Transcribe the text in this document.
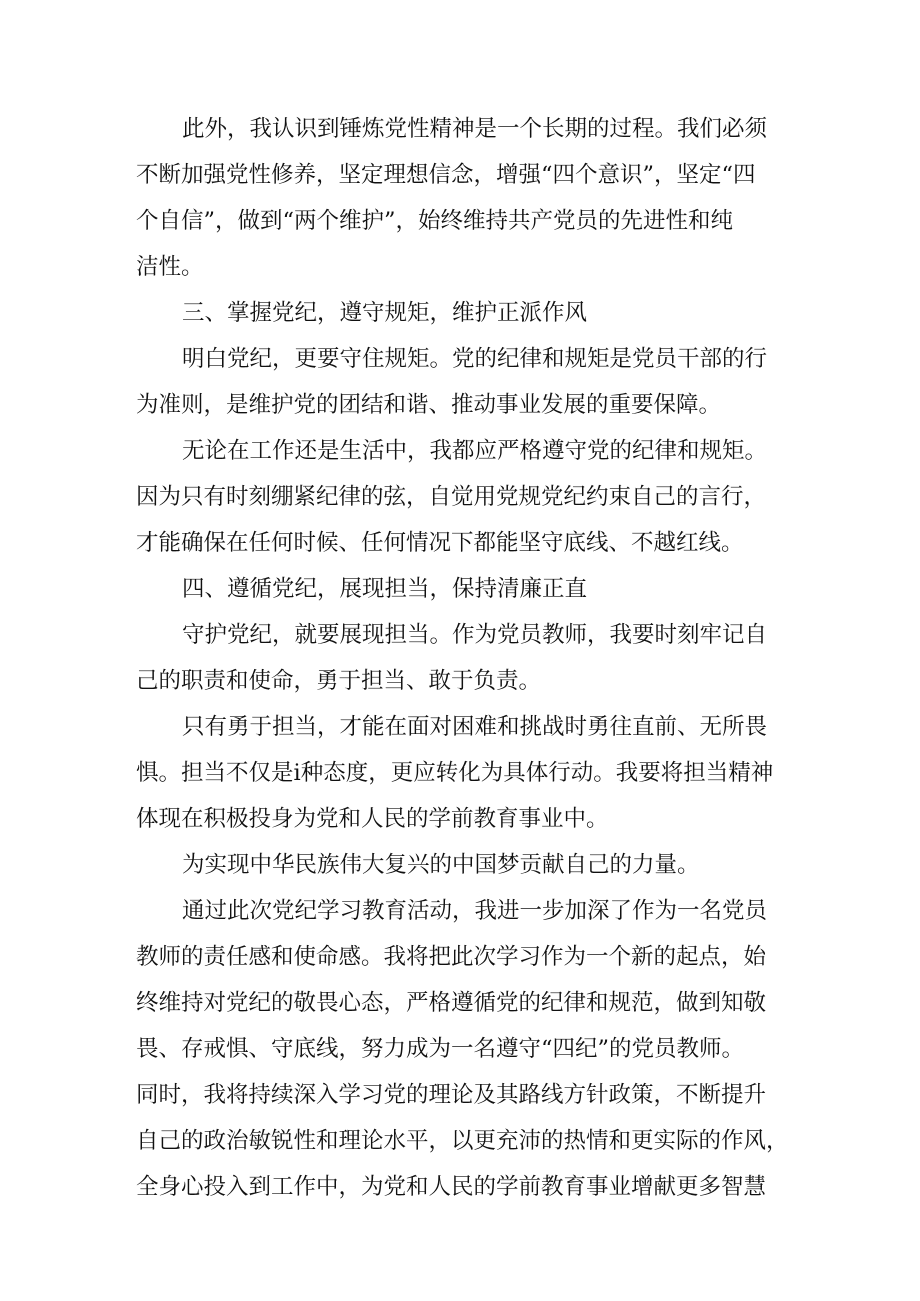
此外，我认识到锤炼党性精神是一个长期的过程。我们必须
不断加强党性修养，坚定理想信念，增强“四个意识”，坚定“四
个自信”，做到“两个维护”，始终维持共产党员的先进性和纯
洁性。
三、掌握党纪，遵守规矩，维护正派作风
明白党纪，更要守住规矩。党的纪律和规矩是党员干部的行
为准则，是维护党的团结和谐、推动事业发展的重要保障。
无论在工作还是生活中，我都应严格遵守党的纪律和规矩。
因为只有时刻绷紧纪律的弦，自觉用党规党纪约束自己的言行，
才能确保在任何时候、任何情况下都能坚守底线、不越红线。
四、遵循党纪，展现担当，保持清廉正直
守护党纪，就要展现担当。作为党员教师，我要时刻牢记自
己的职责和使命，勇于担当、敢于负责。
只有勇于担当，才能在面对困难和挑战时勇往直前、无所畏
惧。担当不仅是i种态度，更应转化为具体行动。我要将担当精神
体现在积极投身为党和人民的学前教育事业中。
为实现中华民族伟大复兴的中国梦贡献自己的力量。
通过此次党纪学习教育活动，我进一步加深了作为一名党员
教师的责任感和使命感。我将把此次学习作为一个新的起点，始
终维持对党纪的敬畏心态，严格遵循党的纪律和规范，做到知敬
畏、存戒惧、守底线，努力成为一名遵守“四纪”的党员教师。
同时，我将持续深入学习党的理论及其路线方针政策，不断提升
自己的政治敏锐性和理论水平，以更充沛的热情和更实际的作风，
全身心投入到工作中，为党和人民的学前教育事业增献更多智慧
